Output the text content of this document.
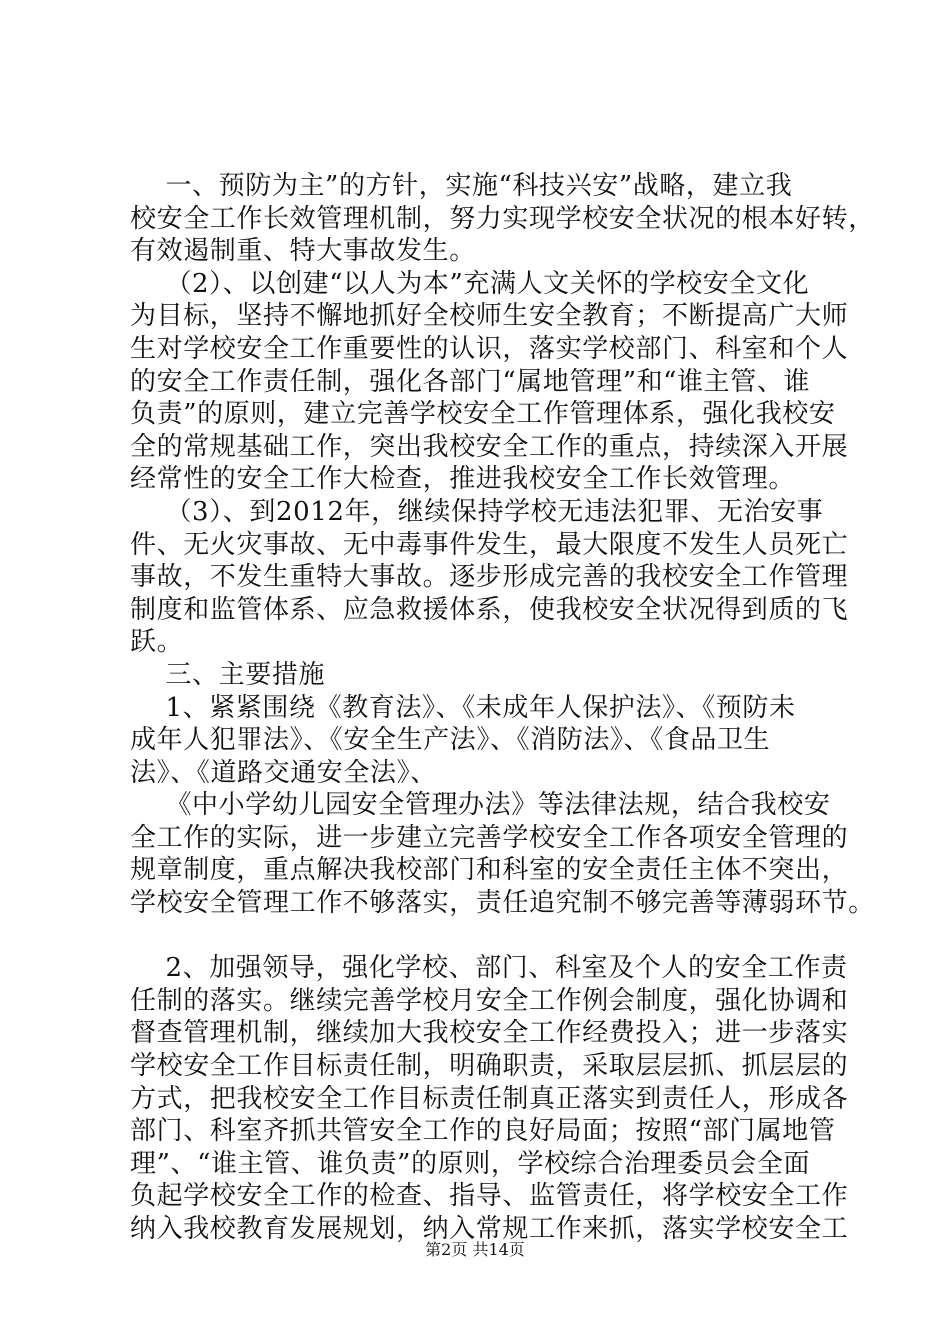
一、预防为主”的方针，实施“科技兴安”战略，建立我
校安全工作长效管理机制，努力实现学校安全状况的根本好转，
有效遏制重、特大事故发生。
（2）、以创建“以人为本”充满人文关怀的学校安全文化
为目标，坚持不懈地抓好全校师生安全教育；不断提高广大师
生对学校安全工作重要性的认识，落实学校部门、科室和个人
的安全工作责任制，强化各部门“属地管理”和“谁主管、谁
负责”的原则，建立完善学校安全工作管理体系，强化我校安
全的常规基础工作，突出我校安全工作的重点，持续深入开展
经常性的安全工作大检查，推进我校安全工作长效管理。
（3）、到2012年，继续保持学校无违法犯罪、无治安事
件、无火灾事故、无中毒事件发生，最大限度不发生人员死亡
事故，不发生重特大事故。逐步形成完善的我校安全工作管理
制度和监管体系、应急救援体系，使我校安全状况得到质的飞
跃。
三、主要措施
1、紧紧围绕《教育法》、《未成年人保护法》、《预防未
成年人犯罪法》、《安全生产法》、《消防法》、《食品卫生
法》、《道路交通安全法》、
《中小学幼儿园安全管理办法》等法律法规，结合我校安
全工作的实际，进一步建立完善学校安全工作各项安全管理的
规章制度，重点解决我校部门和科室的安全责任主体不突出，
学校安全管理工作不够落实，责任追究制不够完善等薄弱环节。
2、加强领导，强化学校、部门、科室及个人的安全工作责
任制的落实。继续完善学校月安全工作例会制度，强化协调和
督查管理机制，继续加大我校安全工作经费投入；进一步落实
学校安全工作目标责任制，明确职责，采取层层抓、抓层层的
方式，把我校安全工作目标责任制真正落实到责任人，形成各
部门、科室齐抓共管安全工作的良好局面；按照“部门属地管
理”、“谁主管、谁负责”的原则，学校综合治理委员会全面
负起学校安全工作的检查、指导、监管责任，将学校安全工作
纳入我校教育发展规划，纳入常规工作来抓，落实学校安全工
第2页 共14页
